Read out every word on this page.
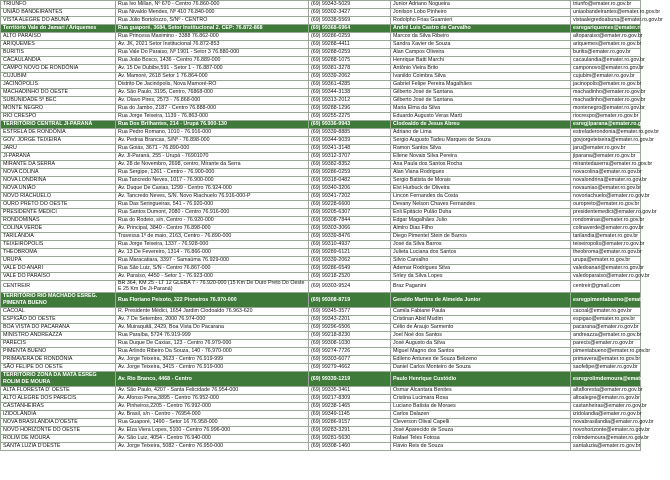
TRIUNFO	Rua Ivo Millan, Nº 670 - Centro 76.860-000	(69) 99343-5029	Junior Adriano Nogueira	triunfo@emater.ro.gov.br
UNIÃO BANDEIRANTES	Rua Nivaldo Mendes, Nº 410 76.840-000	(69) 99302-3427	Jonilson Lobo Pinheiro	uniaobandeirantes@emater.ro.gov.br
VISTA ALEGRE DO ABUNÃ	Rua Júlio Bortolozzo, S/Nº - CENTRO	(69) 99338-5569	Rodolpho Frias Guarnieri	vistaalegredoabuna@emater.ro.gov.br
Território Vale do Jamari / Ariquemes	Rua guaporé, 3684, Setor Institucional 2. CEP: 76.872-868	(69) 99368-6964	André Luis Castro de Carvalho	esregariquemes@emater.ro.gov.br
ALTO PARAISO	Rua Princesa Maximino - 3388 76.862-000	(69) 99286-0259	Marcos da Silva Ribeiro	altoparaiso@emater.ro.gov.br
ARIQUEMES	Av. JK, 2021 Setor Institucional 76.872-853	(69) 99288-4411	Sandra Xavier de Souza	ariquemes@emater.ro.gov.br
BURITIS	Rua Vale Do Paraiso, Nº 1901 - Setor 3 76.880-000	(69) 99288-0259	Alan Campos Oliveira	buritis@emater.ro.gov.br
CACAULÂNDIA	Rua João Bosco, 1436 - Centro 76.889-000	(69) 99288-1075	Henrique Batti Marchi	cacaulandia@emater.ro.gov.br
CAMPO NOVO DE RONDÔNIA	Av. 15 De Dubibe,591 - Setor 1 - 76.887-000	(69) 99381-3278	Antônio Vieira Brito	camponovo@emater.ro.gov.br
CUJUBIM	Av. Mamoré, 2618 Setor 1 76.864-000	(69) 99339-2062	Ivanildo Coimbra Silva	cujubim@emater.ro.gov.br
JACINÓPOLIS	Distrito De Jacinópolis, Nova Mamoré-RO	(69) 99361-4285	Gabriel Felipe Pereira Magalhães	jacinopolis@emater.ro.gov.br
MACHADINHO DO OESTE	Av. São Paulo, 3195, Centro, 76868-000	(69) 99344-3138	Gilberto José de Santana	machadinho@emater.ro.gov.br
SUBUNIDADE 5º BEC	Av. Olavo Pires, 2573 - 76.868-000	(69) 99313-2012	Gilberto José de Santana	machadinho@emater.ro.gov.br
MONTE NEGRO	Rua do Jambo, 2187 - Centro 76.888-000	(69) 99288-1296	Maria Elma da Silva	montenegro@emater.ro.gov.br
RIO CRESPO	Rua Jorge Teixeira, 1139 - 76.863-000	(69) 99255-2275	Eduardo Augusto Veras Marti	riocrespo@emater.ro.gov.br
TERRITÓRIO CENTRAL JI-PARANÁ	Rua Dos Brilhantes, 214 - Urupá 76.900-130	(69) 99336-9943	Clodoaldo de Jesus Abreu	esregjiparana@emater.ro.gov.br
ESTRELA DE RONDÔNIA	Rua Pedro Romano, 1010 - 76.916-000	(69) 99339-8885	Adriano de Lima	estreladerondonia@emater.ro.gov.br
GOV. JORGE TEIXEIRA	Av. Pedras Brancas, S/Nº - 76.898-000	(69) 99344-9039	Sergio Augusto Tadeu Marques de Souza	govjorgeteixeira@emater.ro.gov.br
JARU	Rua Goiás, 3671 - 76.890-000	(69) 99341-3148	Ramon Santos Silva	jaru@emater.ro.gov.br
JI-PARANÁ	Av. Jl-Paraná, 255 - Urupá - 76901070	(69) 99312-3707	Ellene Novais Silva Pereira	jiparana@emater.ro.gov.br
MIRANTE DA SERRA	Av. 28 de Novembro, 2698, centro, Mirante da Serra	(69) 99382-8352	Ana Paula dos Santos Rocha	mirantedaserra@emater.ro.gov.br
NOVA COLINA	Rua Sergipe, 1261 - Centro - 76.900-000	(69) 99286-0259	Alan Viana Rodrigues	novacolina@emater.ro.gov.br
NOVA LONDRINA	Rua Tancredo Neves, 1017 - 76.900-000	(69) 99318-0482	Sergio Batista de Morais	novalondrina@emater.ro.gov.br
NOVA UNIÃO	Av. Duque De Caxias, 1299 - Centro 76.924-000	(69) 99340-3206	Elvi Hurbuck de Oliveira	novauniao@emater.ro.gov.br
NOVO RIACHUELO	Av. Tancredo Neves, S/N. Novo Riachuelo 76.916-000-P	(69) 99341-7202	Lincon Fernandes da Costa	novoriachuelo@emater.ro.gov.br
OURO PRETO DO OESTE	Rua Das Seringueiras, 541 - 76.920-000	(69) 99228-6600	Devany Nelson Chaves Fernandes	ouropreto@emater.ro.gov.br
PRESIDENTE MEDICI	Rua Santos Dumont, 2080 - Centro 76.916-000	(69) 99205-6307	Enli Epitácio Pulão Duha	presidentemedici@emater.ro.gov.br
RONDOMINAS	Rua do Rodeio, s/n, Centro - 76.920-000	(69) 99308-7844	Edgar Magalhães Julio	rondominas@emater.ro.gov.br
COLINA VERDE	Av. Principal, 3840 - Centro 76.898-000	(69) 99303-3066	Almiro Dias Filho	colinaverde@emater.ro.gov.br
TARILÂNDIA	Travessa 1º de maio, 2163, Centro - 76.890-000	(69) 99339-8476	Diego Pimentel Stein de Barros	tarilandia@emater.ro.gov.br
TEIXEIRÓPOLIS	Rua Jorge Teixeira, 1337 - 76.928-000	(69) 99310-4937	José da Silva Barros	teixeiropolis@emater.ro.gov.br
THEOBROMA	Av. 13 De Fevereiro, 1314 - 76.866-000	(69) 99289-6121	Julieta Luciana dos Santos	theobroma@emater.ro.gov.br
URUPÁ	Rua Maracatiara, 3397 - Samaúma 76.929-000	(69) 99339-2062	Silvio Carvalho	urupa@emater.ro.gov.br
VALE DO ANARI	Rua São Luiz, S/N - Centro 76.867-000	(69) 99286-6549	Ademar Rodrigues Silva	valedoanari@emater.ro.gov.br
VALE DO PARAÍSO	Av. Paraíso, 4450 - Setor 1 - 76.923-000	(69) 99218-2520	Sirley da Silva Lopes	valedoparaiso@emater.ro.gov.br
CENTREIR	BR 364, KM 25 - LT 12 GLEBA 7 - 76.920-000 (15 Km De Ouro Preto Do Oeste E 25 Km De Ji-Paraná)	(69) 99303-9524	Braz Paganini	centreir@gmail.com
TERRITÓRIO RIO MACHADO ESREG. PIMENTA BUENO	Rua Floriano Peixoto, 322 Pioneiros 76.970-000	(69) 99308-8719	Geraldo Martins de Almeida Junior	esregpimentabueno@emater.ro.gov.br
CACOAL	R. Presidente Médici, 1654 Jardim Clodoaldo 76.963-620	(69) 99345-3577	Camila Fabiane Paula	cacoal@emater.ro.gov.br
ESPIGÃO DO OESTE	Av. 7 De Setembro, 2000 76.974-000	(69) 99343-2201	Cristinan Abid Mudim	espigao@emater.ro.gov.br
BOA VISTA DO PACARANA	Av. Muiraquitã, 2429, Boa Vista Do Pacarana	(69) 99296-6506	Célio de Araujo Sarmento	pacarana@emater.ro.gov.br
MINISTRO ANDREAZZA	Rua Paraíba, 5724 76.919-999	(69) 99218-8230	Joel Noé dos Santos	andreazza@emater.ro.gov.br
PARECIS	Rua Duque De Caxias, 123 - Centro 76.979-000	(69) 99308-1030	José Augusto da Silva	parecis@emater.ro.gov.br
PIMENTA BUENO	Rua Arlindo Ribeiro Da Souza, 140 - 76.970-000	(69) 99274-7726	Miguel Magno dos Santos	pimentabueno@emater.ro.gov.br
PRIMAVERA DE RONDÔNIA	Av. Jorge Teixeira, 3623 - Centro 76.919-999	(69) 99303-6077	Edileno Antunes de Souza Belizeno	primavera@emater.ro.gov.br
SÃO FELIPE DO OESTE	Av. Jorge Teixeira, 3415 - Centro 76.919-000	(69) 99279-4662	Daniel Carlos Monteiro de Souza	saofelipe@emater.ro.gov.br
TERRITÓRIO ZONA DA MATA ESREG ROLIM DE MOURA	Av. Rio Branco, 4468 - Centro	(69) 99339-1219	Paulo Henrique Custódio	esregrolimdemoura@emater.ro.gov.br
ALTA FLORESTA D' OESTE	Av. São Paulo, 4207 - Santa Felicidade 76.954-000	(69) 99335-3461	Osmar Alcantara Benites	altafloresta@emater.ro.gov.br
ALTO ALEGRE DOS PARECIS	Av. Afonso Pena,3895 - Centro 76.952-000	(69) 99217-8309	Cristina Lucimara Rosa	altoalegre@emater.ro.gov.br
CASTANHEIRAS	Av. Pinheiros,2205 - Centro 76.992-000	(69) 99238-1465	Luciano Batista de Moraes	castanheiras@emater.ro.gov.br
IZIDOLÂNDIA	Av. Brasil, s/n - Centro - 76954-000	(69) 99349-1145	Carlos Dalazen	izidolandia@emater.ro.gov.br
NOVA BRASILÂNDIA D'OESTE	Rua Guaporé, 1490 - Setor 16 76.958-000	(69) 99286-9157	Cleverson Olival Capelli	novabrasilandia@emater.ro.gov.br
NOVO HORIZONTE DO OESTE	Av. Elza Viera Lopes, 5100 - Centro 76.996-000	(69) 99283-3291	José Aparecido de Souza	novohorizonte@emater.ro.gov.br
ROLIM DE MOURA	Av. São Luiz, 4054 - Centro 76.940-000	(69) 99281-5630	Rafael Teles Fotosa	rolimdemoura@emater.ro.gov.br
SANTA LUZIA D'OESTE	Av. Jorge Teixeira, 5082 - Centro 76.950-000	(69) 99308-1460	Flávio Reis de Souza	santaluzia@emater.ro.gov.br
